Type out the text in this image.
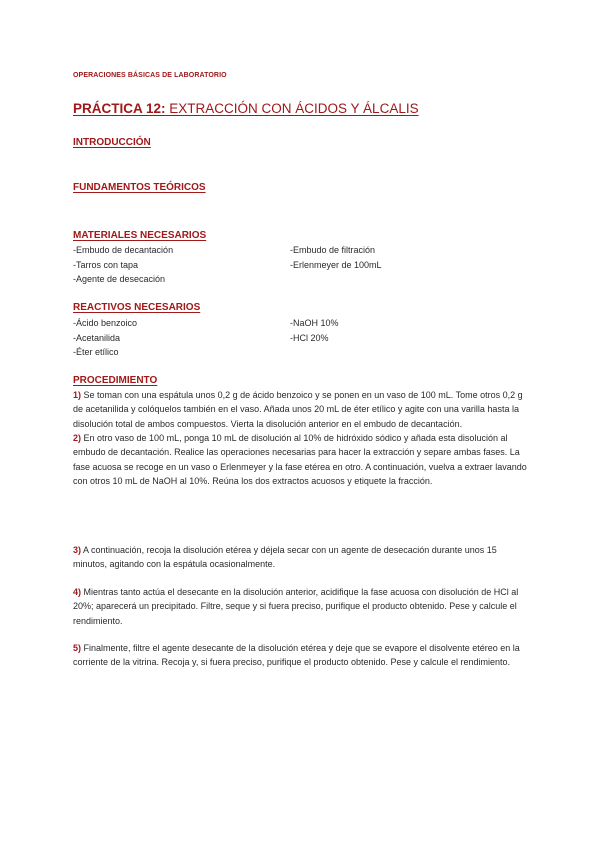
OPERACIONES BÁSICAS DE LABORATORIO
PRÁCTICA 12: EXTRACCIÓN CON ÁCIDOS Y ÁLCALIS
INTRODUCCIÓN
FUNDAMENTOS TEÓRICOS
MATERIALES NECESARIOS
-Embudo de decantación
-Tarros con tapa
-Agente de desecación
-Embudo de filtración
-Erlenmeyer de 100mL
REACTIVOS NECESARIOS
-Ácido benzoico
-Acetanilida
-Éter etílico
-NaOH 10%
-HCl 20%
PROCEDIMIENTO
1) Se toman con una espátula unos 0,2 g de ácido benzoico y se ponen en un vaso de 100 mL. Tome otros 0,2 g de acetanilida y colóquelos también en el vaso. Añada unos 20 mL de éter etílico y agite con una varilla hasta la disolución total de ambos compuestos. Vierta la disolución anterior en el embudo de decantación.
2) En otro vaso de 100 mL, ponga 10 mL de disolución al 10% de hidróxido sódico y añada esta disolución al embudo de decantación. Realice las operaciones necesarias para hacer la extracción y separe ambas fases. La fase acuosa se recoge en un vaso o Erlenmeyer y la fase etérea en otro. A continuación, vuelva a extraer lavando con otros 10 mL de NaOH al 10%. Reúna los dos extractos acuosos y etiquete la fracción.
3) A continuación, recoja la disolución etérea y déjela secar con un agente de desecación durante unos 15 minutos, agitando con la espátula ocasionalmente.
4) Mientras tanto actúa el desecante en la disolución anterior, acidifique la fase acuosa con disolución de HCl al 20%; aparecerá un precipitado. Filtre, seque y si fuera preciso, purifique el producto obtenido. Pese y calcule el rendimiento.
5) Finalmente, filtre el agente desecante de la disolución etérea y deje que se evapore el disolvente etéreo en la corriente de la vitrina. Recoja y, si fuera preciso, purifique el producto obtenido. Pese y calcule el rendimiento.
